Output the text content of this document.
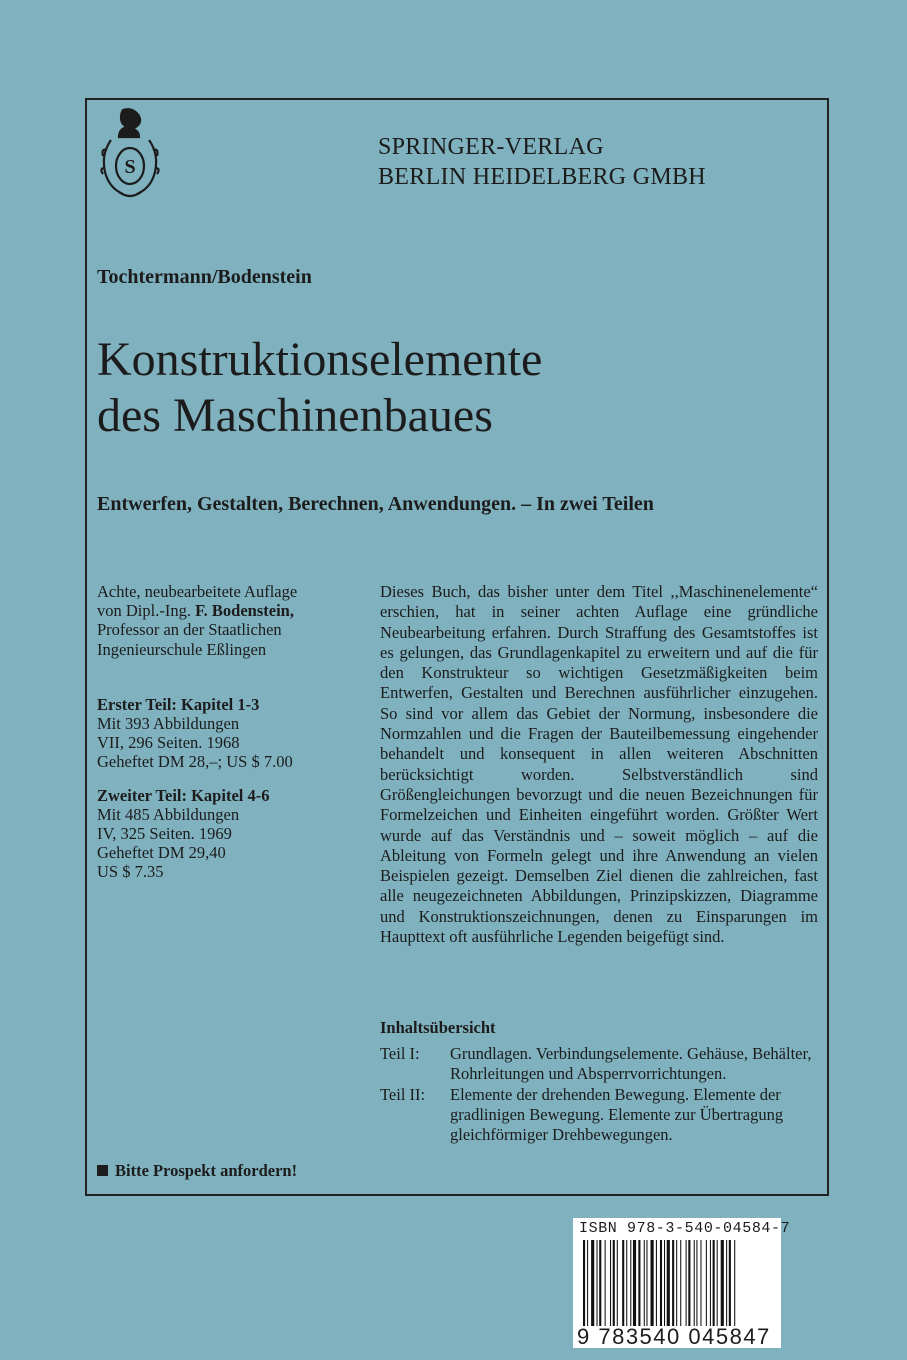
S
SPRINGER-VERLAG
BERLIN HEIDELBERG GMBH
Tochtermann/Bodenstein
Konstruktionselemente
des Maschinenbaues
Entwerfen, Gestalten, Berechnen, Anwendungen. – In zwei Teilen

Achte, neubearbeitete Auflage

von Dipl.-Ing. F. Bodenstein,

Professor an der Staatlichen

Ingenieurschule Eßlingen

Erster Teil: Kapitel 1-3

Mit 393 Abbildungen

VII, 296 Seiten. 1968

Geheftet DM 28,–; US $ 7.00

Zweiter Teil: Kapitel 4-6

Mit 485 Abbildungen

IV, 325 Seiten. 1969

Geheftet DM 29,40

US $ 7.35

Dieses Buch, das bisher unter dem Titel ,,Maschinenelemente“ erschien, hat in seiner achten Auflage eine gründliche Neubearbeitung erfahren. Durch Straffung des Gesamtstoffes ist es gelungen, das Grundlagenkapitel zu erweitern und auf die für den Konstrukteur so wichtigen Gesetzmäßigkeiten beim Entwerfen, Gestalten und Berechnen ausführlicher einzugehen. So sind vor allem das Gebiet der Normung, insbesondere die Normzahlen und die Fragen der Bauteilbemessung eingehender behandelt und konsequent in allen weiteren Abschnitten berücksichtigt worden. Selbstverständlich sind Größengleichungen bevorzugt und die neuen Bezeichnungen für Formelzeichen und Einheiten eingeführt worden. Größter Wert wurde auf das Verständnis und – soweit möglich – auf die Ableitung von Formeln gelegt und ihre Anwendung an vielen Beispielen gezeigt. Demselben Ziel dienen die zahlreichen, fast alle neugezeichneten Abbildungen, Prinzipskizzen, Diagramme und Konstruktionszeichnungen, denen zu Einsparungen im Haupttext oft ausführliche Legenden beigefügt sind.
Inhaltsübersicht
Teil I:	Grundlagen. Verbindungselemente. Gehäuse, Behälter, Rohrleitungen und Absperrvorrichtungen.
Teil II:	Elemente der drehenden Bewegung. Elemente der gradlinigen Bewegung. Elemente zur Übertragung gleichförmiger Drehbewegungen.
Bitte Prospekt anfordern!
ISBN 978-3-540-04584-7
9 783540 045847
